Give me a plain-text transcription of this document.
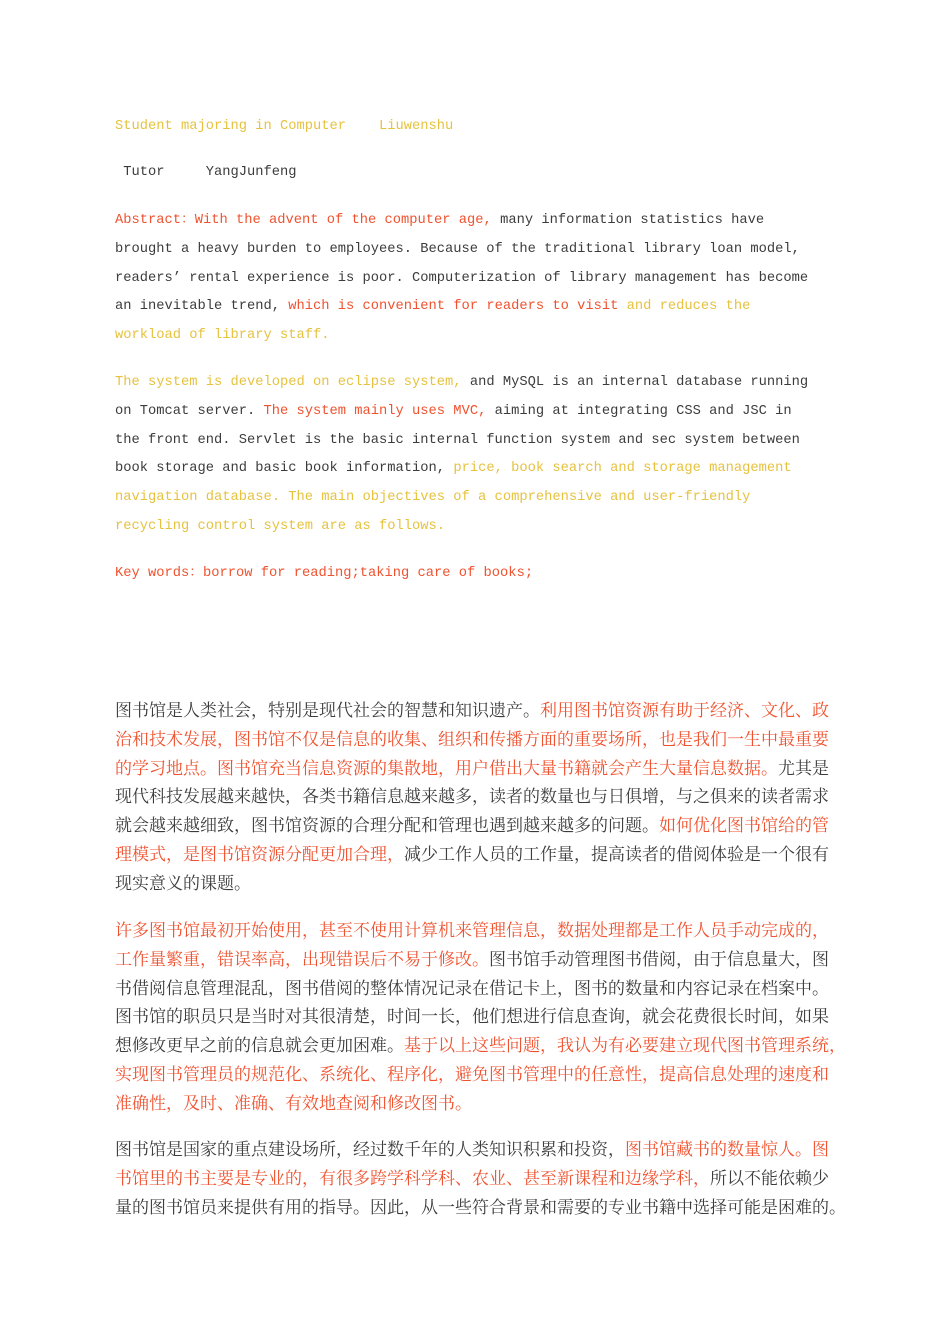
Student majoring in Computer    Liuwenshu
Tutor     YangJunfeng
Abstract：With the advent of the computer age, many information statistics have
brought a heavy burden to employees. Because of the traditional library loan model,
readers’ rental experience is poor. Computerization of library management has become
an inevitable trend, which is convenient for readers to visit and reduces the
workload of library staff.
The system is developed on eclipse system, and MySQL is an internal database running
on Tomcat server. The system mainly uses MVC, aiming at integrating CSS and JSC in
the front end. Servlet is the basic internal function system and sec system between
book storage and basic book information, price, book search and storage management
navigation database. The main objectives of a comprehensive and user-friendly
recycling control system are as follows.
Key words：borrow for reading;taking care of books;
图书馆是人类社会，特别是现代社会的智慧和知识遗产。利用图书馆资源有助于经济、文化、政
治和技术发展，图书馆不仅是信息的收集、组织和传播方面的重要场所，也是我们一生中最重要
的学习地点。图书馆充当信息资源的集散地，用户借出大量书籍就会产生大量信息数据。尤其是
现代科技发展越来越快，各类书籍信息越来越多，读者的数量也与日俱增，与之俱来的读者需求
就会越来越细致，图书馆资源的合理分配和管理也遇到越来越多的问题。如何优化图书馆给的管
理模式，是图书馆资源分配更加合理，减少工作人员的工作量，提高读者的借阅体验是一个很有
现实意义的课题。
许多图书馆最初开始使用，甚至不使用计算机来管理信息，数据处理都是工作人员手动完成的，
工作量繁重，错误率高，出现错误后不易于修改。图书馆手动管理图书借阅，由于信息量大，图
书借阅信息管理混乱，图书借阅的整体情况记录在借记卡上，图书的数量和内容记录在档案中。
图书馆的职员只是当时对其很清楚，时间一长，他们想进行信息查询，就会花费很长时间，如果
想修改更早之前的信息就会更加困难。基于以上这些问题，我认为有必要建立现代图书管理系统，
实现图书管理员的规范化、系统化、程序化，避免图书管理中的任意性，提高信息处理的速度和
准确性，及时、准确、有效地查阅和修改图书。
图书馆是国家的重点建设场所，经过数千年的人类知识积累和投资，图书馆藏书的数量惊人。图
书馆里的书主要是专业的，有很多跨学科学科、农业、甚至新课程和边缘学科，所以不能依赖少
量的图书馆员来提供有用的指导。因此，从一些符合背景和需要的专业书籍中选择可能是困难的。
